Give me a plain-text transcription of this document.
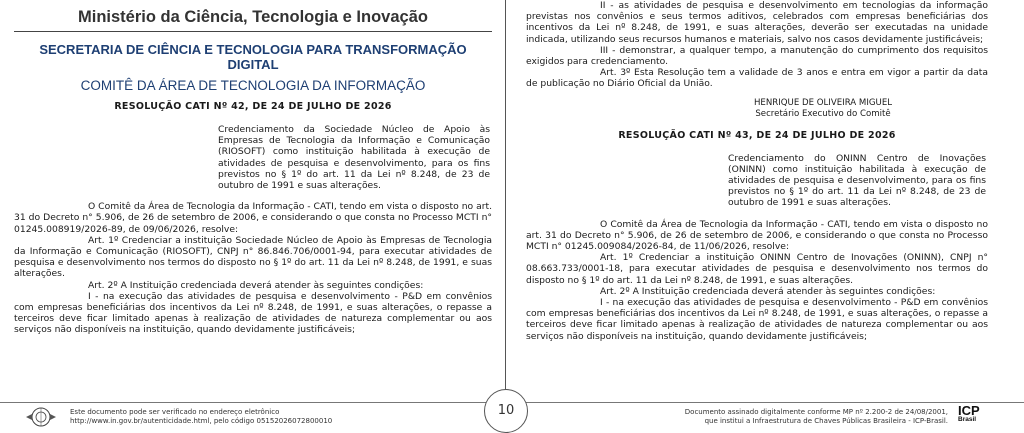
Ministério da Ciência, Tecnologia e Inovação
SECRETARIA DE CIÊNCIA E TECNOLOGIA PARA TRANSFORMAÇÃO DIGITAL
COMITÊ DA ÁREA DE TECNOLOGIA DA INFORMAÇÃO
RESOLUÇÃO CATI Nº 42, DE 24 DE JULHO DE 2026
Credenciamento da Sociedade Núcleo de Apoio às Empresas de Tecnologia da Informação e Comunicação (RIOSOFT) como instituição habilitada à execução de atividades de pesquisa e desenvolvimento, para os fins previstos no § 1º do art. 11 da Lei nº 8.248, de 23 de outubro de 1991 e suas alterações.

O Comitê da Área de Tecnologia da Informação - CATI, tendo em vista o disposto no art. 31 do Decreto n° 5.906, de 26 de setembro de 2006, e considerando o que consta no Processo MCTI n° 01245.008919/2026-89, de 09/06/2026, resolve:

Art. 1º Credenciar a instituição Sociedade Núcleo de Apoio às Empresas de Tecnologia da Informação e Comunicação (RIOSOFT), CNPJ n° 86.846.706/0001-94, para executar atividades de pesquisa e desenvolvimento nos termos do disposto no § 1º do art. 11 da Lei nº 8.248, de 1991, e suas alterações.

Art. 2º A Instituição credenciada deverá atender às seguintes condições:

I - na execução das atividades de pesquisa e desenvolvimento - P&D em convênios com empresas beneficiárias dos incentivos da Lei nº 8.248, de 1991, e suas alterações, o repasse a terceiros deve ficar limitado apenas à realização de atividades de natureza complementar ou aos serviços não disponíveis na instituição, quando devidamente justificáveis;

II - as atividades de pesquisa e desenvolvimento em tecnologias da informação previstas nos convênios e seus termos aditivos, celebrados com empresas beneficiárias dos incentivos da Lei nº 8.248, de 1991, e suas alterações, deverão ser executadas na unidade indicada, utilizando seus recursos humanos e materiais, salvo nos casos devidamente justificáveis;

III - demonstrar, a qualquer tempo, a manutenção do cumprimento dos requisitos exigidos para credenciamento.

Art. 3º Esta Resolução tem a validade de 3 anos e entra em vigor a partir da data de publicação no Diário Oficial da União.

HENRIQUE DE OLIVEIRA MIGUEL
Secretário Executivo do Comitê
RESOLUÇÃO CATI Nº 43, DE 24 DE JULHO DE 2026
Credenciamento do ONINN Centro de Inovações (ONINN) como instituição habilitada à execução de atividades de pesquisa e desenvolvimento, para os fins previstos no § 1º do art. 11 da Lei nº 8.248, de 23 de outubro de 1991 e suas alterações.

O Comitê da Área de Tecnologia da Informação - CATI, tendo em vista o disposto no art. 31 do Decreto n° 5.906, de 26 de setembro de 2006, e considerando o que consta no Processo MCTI n° 01245.009084/2026-84, de 11/06/2026, resolve:

Art. 1º Credenciar a instituição ONINN Centro de Inovações (ONINN), CNPJ n° 08.663.733/0001-18, para executar atividades de pesquisa e desenvolvimento nos termos do disposto no § 1º do art. 11 da Lei nº 8.248, de 1991, e suas alterações.

Art. 2º A Instituição credenciada deverá atender às seguintes condições:

I - na execução das atividades de pesquisa e desenvolvimento - P&D em convênios com empresas beneficiárias dos incentivos da Lei nº 8.248, de 1991, e suas alterações, o repasse a terceiros deve ficar limitado apenas à realização de atividades de natureza complementar ou aos serviços não disponíveis na instituição, quando devidamente justificáveis;

Este documento pode ser verificado no endereço eletrônico
http://www.in.gov.br/autenticidade.html, pelo código 05152026072800010
10	Documento assinado digitalmente conforme MP nº 2.200-2 de 24/08/2001,
que institui a Infraestrutura de Chaves Públicas Brasileira - ICP-Brasil.
ICP
Brasil
